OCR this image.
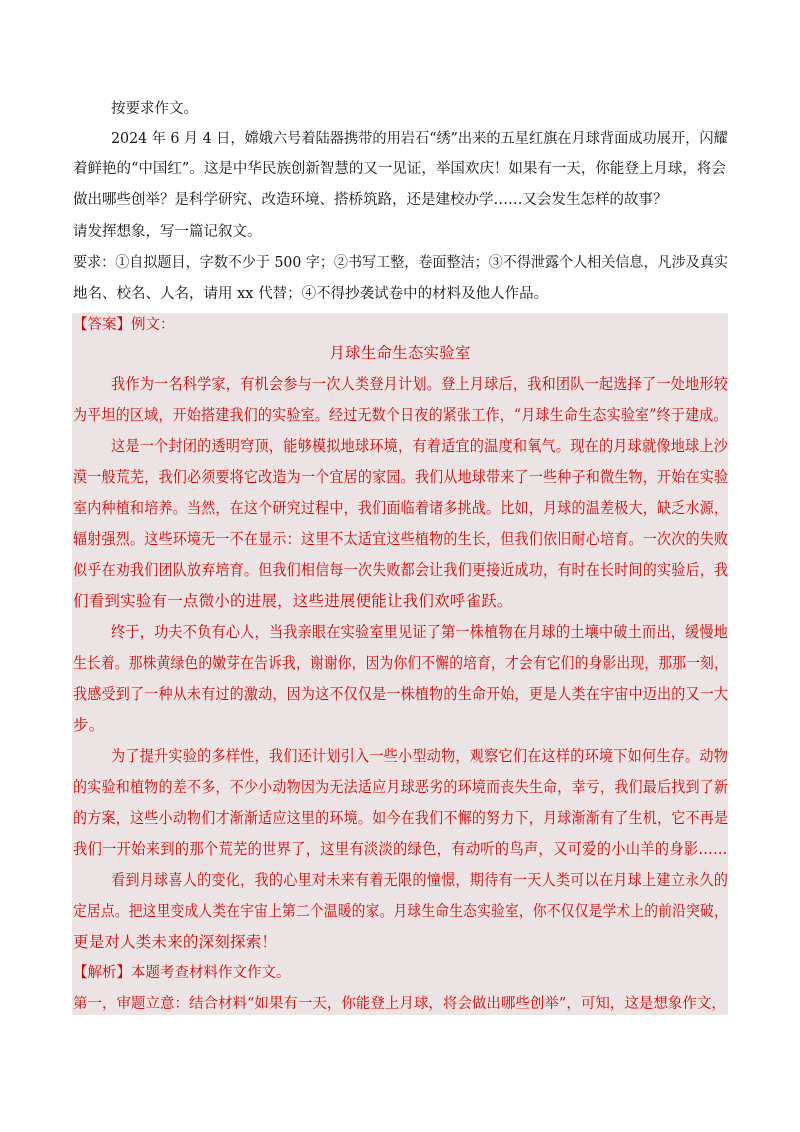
按要求作文。
2024 年 6 月 4 日，嫦娥六号着陆器携带的用岩石“绣”出来的五星红旗在月球背面成功展开，闪耀
着鲜艳的“中国红”。这是中华民族创新智慧的又一见证，举国欢庆！如果有一天，你能登上月球，将会
做出哪些创举？是科学研究、改造环境、搭桥筑路，还是建校办学……又会发生怎样的故事？
请发挥想象，写一篇记叙文。
要求：①自拟题目，字数不少于 500 字；②书写工整，卷面整洁；③不得泄露个人相关信息，凡涉及真实
地名、校名、人名，请用 xx 代替；④不得抄袭试卷中的材料及他人作品。
【答案】例文：
月球生命生态实验室
我作为一名科学家，有机会参与一次人类登月计划。登上月球后，我和团队一起选择了一处地形较
为平坦的区域，开始搭建我们的实验室。经过无数个日夜的紧张工作，“月球生命生态实验室”终于建成。
这是一个封闭的透明穹顶，能够模拟地球环境，有着适宜的温度和氧气。现在的月球就像地球上沙
漠一般荒芜，我们必须要将它改造为一个宜居的家园。我们从地球带来了一些种子和微生物，开始在实验
室内种植和培养。当然，在这个研究过程中，我们面临着诸多挑战。比如，月球的温差极大，缺乏水源，
辐射强烈。这些环境无一不在显示：这里不太适宜这些植物的生长，但我们依旧耐心培育。一次次的失败
似乎在劝我们团队放弃培育。但我们相信每一次失败都会让我们更接近成功，有时在长时间的实验后，我
们看到实验有一点微小的进展，这些进展便能让我们欢呼雀跃。
终于，功夫不负有心人，当我亲眼在实验室里见证了第一株植物在月球的土壤中破土而出，缓慢地
生长着。那株黄绿色的嫩芽在告诉我，谢谢你，因为你们不懈的培育，才会有它们的身影出现，那那一刻，
我感受到了一种从未有过的激动，因为这不仅仅是一株植物的生命开始，更是人类在宇宙中迈出的又一大
步。
为了提升实验的多样性，我们还计划引入一些小型动物，观察它们在这样的环境下如何生存。动物
的实验和植物的差不多，不少小动物因为无法适应月球恶劣的环境而丧失生命，幸亏，我们最后找到了新
的方案，这些小动物们才渐渐适应这里的环境。如今在我们不懈的努力下，月球渐渐有了生机，它不再是
我们一开始来到的那个荒芜的世界了，这里有淡淡的绿色，有动听的鸟声，又可爱的小山羊的身影……
看到月球喜人的变化，我的心里对未来有着无限的憧憬，期待有一天人类可以在月球上建立永久的
定居点。把这里变成人类在宇宙上第二个温暖的家。月球生命生态实验室，你不仅仅是学术上的前沿突破，
更是对人类未来的深刻探索！
【解析】本题考查材料作文作文。
第一，审题立意：结合材料“如果有一天，你能登上月球，将会做出哪些创举”，可知，这是想象作文，
